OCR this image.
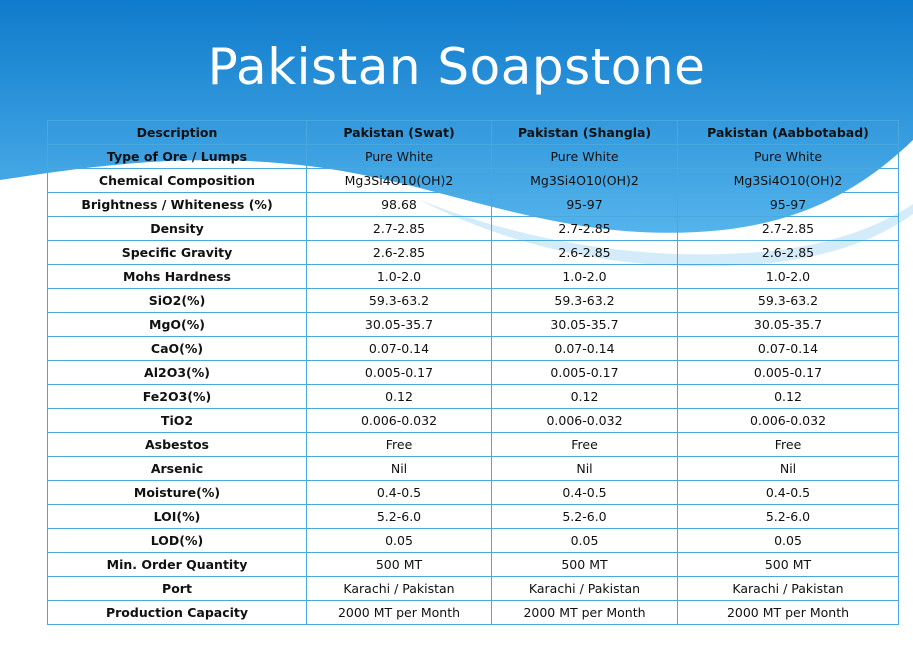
Pakistan Soapstone
Description	Pakistan (Swat)	Pakistan (Shangla)	Pakistan (Aabbotabad)
Type of Ore / Lumps	Pure White	Pure White	Pure White
Chemical Composition	Mg3Si4O10(OH)2	Mg3Si4O10(OH)2	Mg3Si4O10(OH)2
Brightness / Whiteness (%)	98.68	95-97	95-97
Density	2.7-2.85	2.7-2.85	2.7-2.85
Specific Gravity	2.6-2.85	2.6-2.85	2.6-2.85
Mohs Hardness	1.0-2.0	1.0-2.0	1.0-2.0
SiO2(%)	59.3-63.2	59.3-63.2	59.3-63.2
MgO(%)	30.05-35.7	30.05-35.7	30.05-35.7
CaO(%)	0.07-0.14	0.07-0.14	0.07-0.14
Al2O3(%)	0.005-0.17	0.005-0.17	0.005-0.17
Fe2O3(%)	0.12	0.12	0.12
TiO2	0.006-0.032	0.006-0.032	0.006-0.032
Asbestos	Free	Free	Free
Arsenic	Nil	Nil	Nil
Moisture(%)	0.4-0.5	0.4-0.5	0.4-0.5
LOI(%)	5.2-6.0	5.2-6.0	5.2-6.0
LOD(%)	0.05	0.05	0.05
Min. Order Quantity	500 MT	500 MT	500 MT
Port	Karachi / Pakistan	Karachi / Pakistan	Karachi / Pakistan
Production Capacity	2000 MT per Month	2000 MT per Month	2000 MT per Month
